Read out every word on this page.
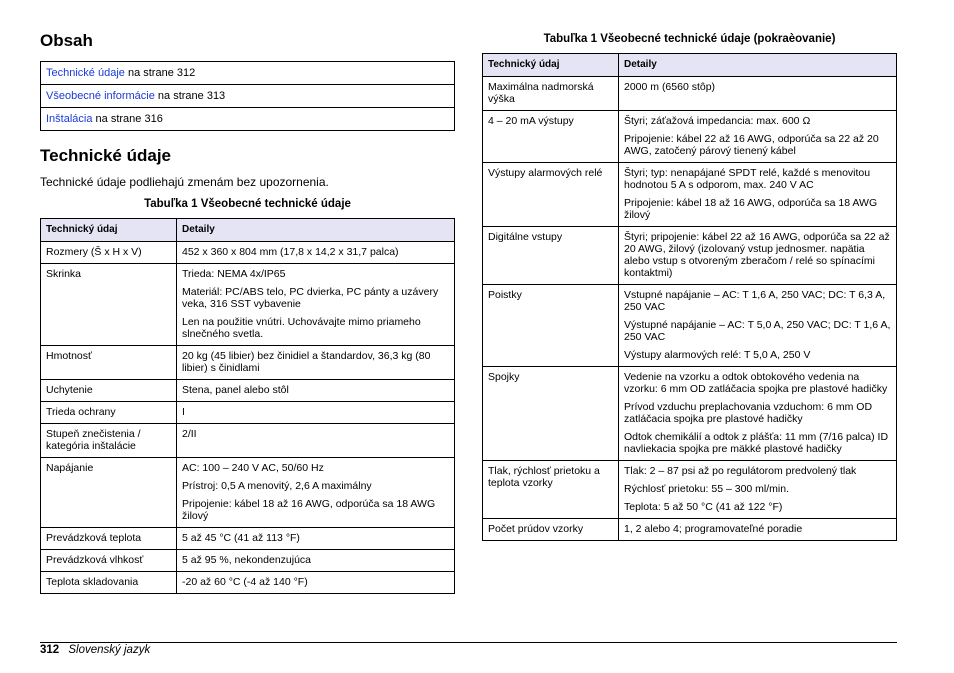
Obsah
Technické údaje na strane 312
Všeobecné informácie na strane 313
Inštalácia na strane 316
Technické údaje

Technické údaje podliehajú zmenám bez upozornenia.

Tabuľka 1 Všeobecné technické údaje

Technický údaj	Detaily
Rozmery (Š x H x V)	452 x 360 x 804 mm (17,8 x 14,2 x 31,7 palca)

Skrinka	Trieda: NEMA 4x/IP65

Materiál: PC/ABS telo, PC dvierka, PC pánty a uzávery veka, 316 SST vybavenie

Len na použitie vnútri. Uchovávajte mimo priameho slnečného svetla.

Hmotnosť	20 kg (45 libier) bez činidiel a štandardov, 36,3 kg (80 libier) s činidlami

Uchytenie	Stena, panel alebo stôl

Trieda ochrany	I

Stupeň znečistenia / kategória inštalácie	2/II

Napájanie	AC: 100 – 240 V AC, 50/60 Hz

Prístroj: 0,5 A menovitý, 2,6 A maximálny

Pripojenie: kábel 18 až 16 AWG, odporúča sa 18 AWG žilový

Prevádzková teplota	5 až 45 °C (41 až 113 °F)

Prevádzková vlhkosť	5 až 95 %, nekondenzujúca

Teplota skladovania	-20 až 60 °C (-4 až 140 °F)

Tabuľka 1 Všeobecné technické údaje (pokraèovanie)

Technický údaj	Detaily
Maximálna nadmorská výška	2000 m (6560 stôp)

4 – 20 mA výstupy	Štyri; záťažová impedancia: max. 600 Ω

Pripojenie: kábel 22 až 16 AWG, odporúča sa 22 až 20 AWG, zatočený párový tienený kábel

Výstupy alarmových relé	Štyri; typ: nenapájané SPDT relé, každé s menovitou hodnotou 5 A s odporom, max. 240 V AC

Pripojenie: kábel 18 až 16 AWG, odporúča sa 18 AWG žilový

Digitálne vstupy	Štyri; pripojenie: kábel 22 až 16 AWG, odporúča sa 22 až 20 AWG, žilový (izolovaný vstup jednosmer. napätia alebo vstup s otvoreným zberačom / relé so spínacími kontaktmi)

Poistky	Vstupné napájanie – AC: T 1,6 A, 250 VAC; DC: T 6,3 A, 250 VAC

Výstupné napájanie – AC: T 5,0 A, 250 VAC; DC: T 1,6 A, 250 VAC

Výstupy alarmových relé: T 5,0 A, 250 V

Spojky	Vedenie na vzorku a odtok obtokového vedenia na vzorku: 6 mm OD zatláčacia spojka pre plastové hadičky

Prívod vzduchu preplachovania vzduchom: 6 mm OD zatláčacia spojka pre plastové hadičky

Odtok chemikálií a odtok z plášťa: 11 mm (7/16 palca) ID navliekacia spojka pre mäkké plastové hadičky

Tlak, rýchlosť prietoku a teplota vzorky	Tlak: 2 – 87 psi až po regulátorom predvolený tlak

Rýchlosť prietoku: 55 – 300 ml/min.

Teplota: 5 až 50 °C (41 až 122 °F)

Počet prúdov vzorky	1, 2 alebo 4; programovateľné poradie

312 Slovenský jazyk
